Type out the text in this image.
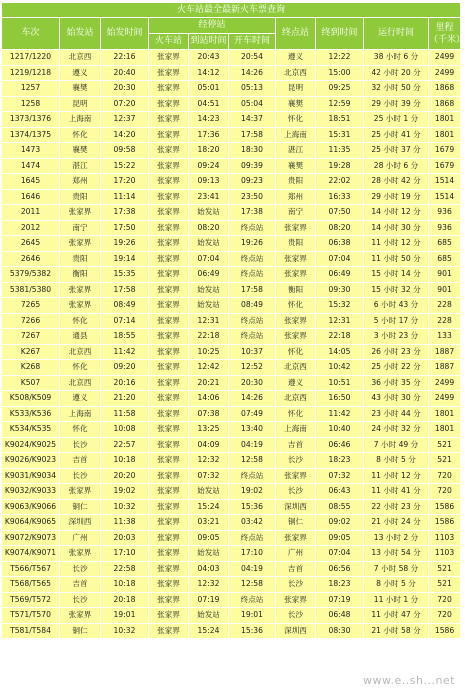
火车站最全最新火车票查询									
车次	始发站	始发时间	经停站			终点站	终到时间	运行时间	里程
（千米）
			火车站	到站时间	开车时间				
1217/1220	北京西	22:16	张家界	20:43	20:54	遵义	12:22	38 小时 6 分	2499
1219/1218	遵义	20:40	张家界	14:12	14:26	北京西	15:00	42 小时 20 分	2499
1257	襄樊	20:30	张家界	05:01	05:13	昆明	09:25	32 小时 50 分	1868
1258	昆明	07:20	张家界	04:51	05:04	襄樊	12:59	29 小时 39 分	1868
1373/1376	上海南	12:37	张家界	14:23	14:37	怀化	18:51	25 小时 1 分	1801
1374/1375	怀化	14:20	张家界	17:36	17:58	上海南	15:31	25 小时 41 分	1801
1473	襄樊	09:58	张家界	18:20	18:30	湛江	11:35	25 小时 37 分	1679
1474	湛江	15:22	张家界	09:24	09:39	襄樊	19:28	28 小时 6 分	1679
1645	郑州	17:20	张家界	09:13	09:23	贵阳	22:02	28 小时 42 分	1514
1646	贵阳	11:14	张家界	23:41	23:50	郑州	16:33	29 小时 19 分	1514
2011	张家界	17:38	张家界	始发站	17:38	南宁	07:50	14 小时 12 分	936
2012	南宁	17:50	张家界	08:20	终点站	张家界	08:20	14 小时 30 分	936
2645	张家界	19:26	张家界	始发站	19:26	贵阳	06:38	11 小时 12 分	685
2646	贵阳	19:14	张家界	07:04	终点站	张家界	07:04	11 小时 50 分	685
5379/5382	衡阳	15:35	张家界	06:49	终点站	张家界	06:49	15 小时 14 分	901
5381/5380	张家界	17:58	张家界	始发站	17:58	衡阳	09:30	15 小时 32 分	901
7265	张家界	08:49	张家界	始发站	08:49	怀化	15:32	6 小时 43 分	228
7266	怀化	07:14	张家界	12:31	终点站	张家界	12:31	5 小时 17 分	228
7267	通县	18:55	张家界	22:18	终点站	张家界	22:18	3 小时 23 分	133
K267	北京西	11:42	张家界	10:25	10:37	怀化	14:05	26 小时 23 分	1887
K268	怀化	09:20	张家界	12:42	12:52	北京西	10:42	25 小时 22 分	1887
K507	北京西	20:16	张家界	20:21	20:30	遵义	10:51	36 小时 35 分	2499
K508/K509	遵义	21:20	张家界	14:06	14:26	北京西	16:50	43 小时 30 分	2499
K533/K536	上海南	11:58	张家界	07:38	07:49	怀化	11:42	23 小时 44 分	1801
K534/K535	怀化	10:08	张家界	13:25	13:40	上海南	10:40	24 小时 32 分	1801
K9024/K9025	长沙	22:57	张家界	04:09	04:19	吉首	06:46	7 小时 49 分	521
K9026/K9023	吉首	10:18	张家界	12:32	12:58	长沙	18:23	8 小时 5 分	521
K9031/K9034	长沙	20:20	张家界	07:32	终点站	张家界	07:32	11 小时 12 分	720
K9032/K9033	张家界	19:02	张家界	始发站	19:02	长沙	06:43	11 小时 41 分	720
K9063/K9066	铜仁	10:32	张家界	15:24	15:36	深圳西	08:55	22 小时 23 分	1586
K9064/K9065	深圳西	11:38	张家界	03:21	03:42	铜仁	09:02	21 小时 24 分	1586
K9072/K9073	广州	20:03	张家界	09:05	终点站	张家界	09:05	13 小时 2 分	1103
K9074/K9071	张家界	17:10	张家界	始发站	17:10	广州	07:04	13 小时 54 分	1103
T566/T567	长沙	22:58	张家界	04:03	04:19	吉首	06:56	7 小时 58 分	521
T568/T565	吉首	10:18	张家界	12:32	12:58	长沙	18:23	8 小时 5 分	521
T569/T572	长沙	20:18	张家界	07:19	终点站	张家界	07:19	11 小时 1 分	720
T571/T570	张家界	19:01	张家界	始发站	19:01	长沙	06:48	11 小时 47 分	720
T581/T584	铜仁	10:32	张家界	15:24	15:36	深圳西	08:30	21 小时 58 分	1586
www.e..sh...net
